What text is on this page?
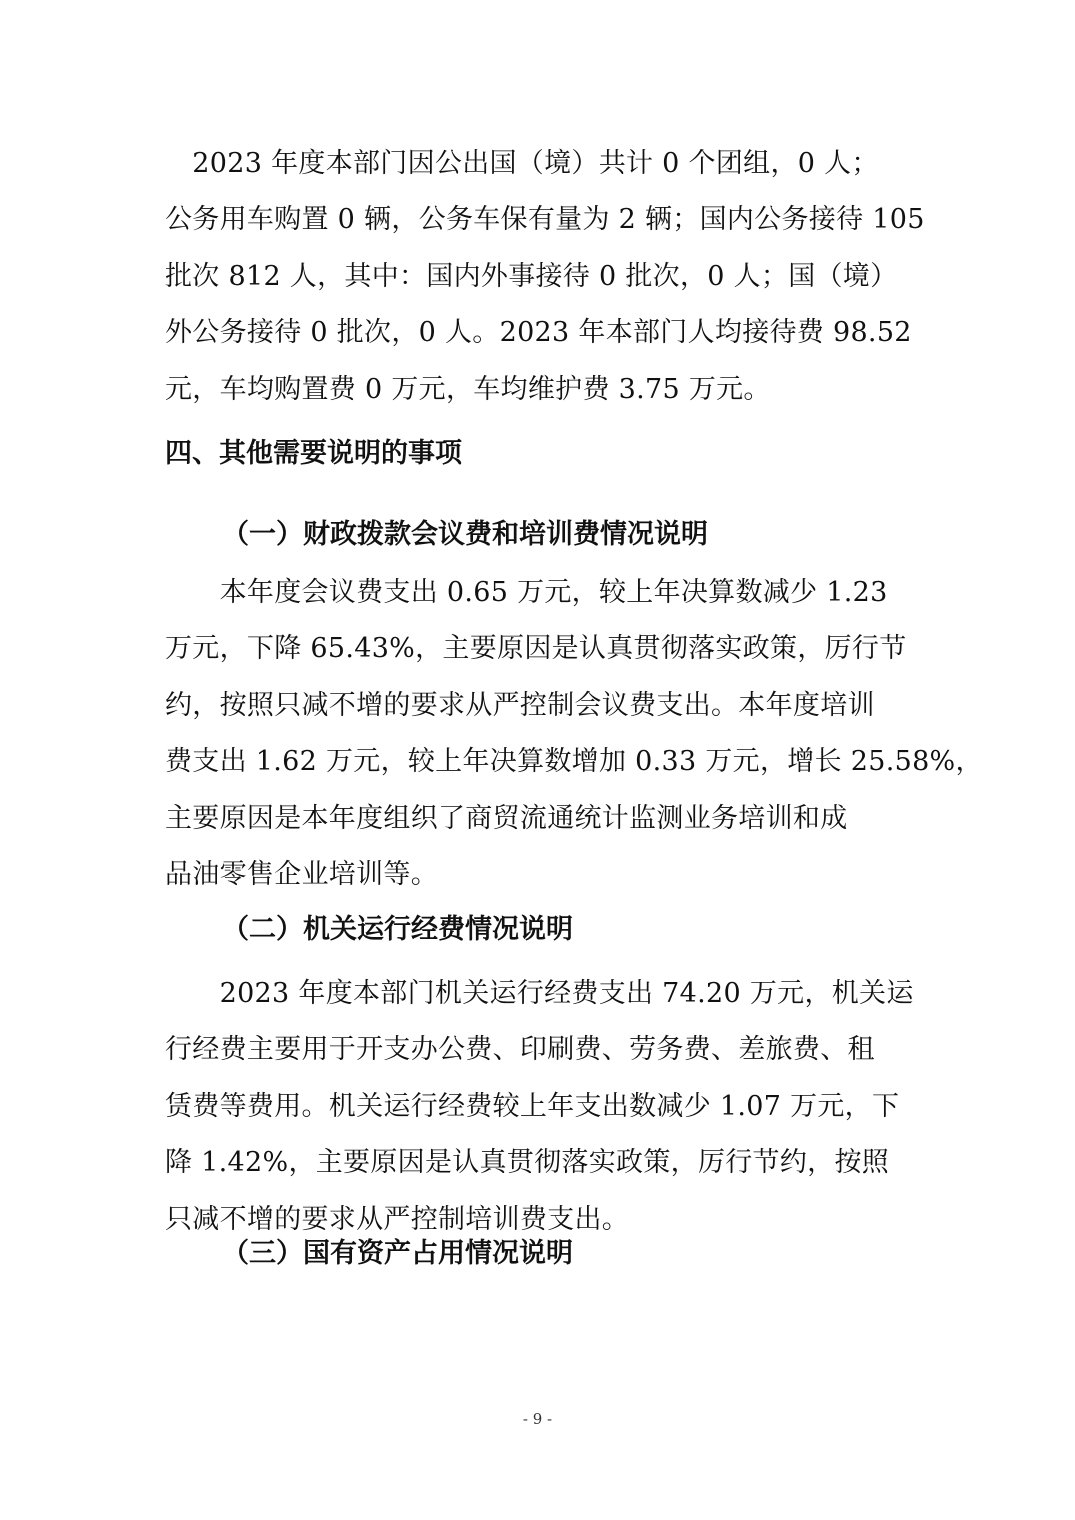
　2023 年度本部门因公出国（境）共计 0 个团组，0 人；
公务用车购置 0 辆，公务车保有量为 2 辆；国内公务接待 105
批次 812 人，其中：国内外事接待 0 批次，0 人；国（境）
外公务接待 0 批次，0 人。2023 年本部门人均接待费 98.52
元，车均购置费 0 万元，车均维护费 3.75 万元。
四、其他需要说明的事项
（一）财政拨款会议费和培训费情况说明
　　本年度会议费支出 0.65 万元，较上年决算数减少 1.23
万元，下降 65.43%，主要原因是认真贯彻落实政策，厉行节
约，按照只减不增的要求从严控制会议费支出。本年度培训
费支出 1.62 万元，较上年决算数增加 0.33 万元，增长 25.58%，
主要原因是本年度组织了商贸流通统计监测业务培训和成
品油零售企业培训等。
（二）机关运行经费情况说明
　　2023 年度本部门机关运行经费支出 74.20 万元，机关运
行经费主要用于开支办公费、印刷费、劳务费、差旅费、租
赁费等费用。机关运行经费较上年支出数减少 1.07 万元，下
降 1.42%，主要原因是认真贯彻落实政策，厉行节约，按照
只减不增的要求从严控制培训费支出。
（三）国有资产占用情况说明
- 9 -
